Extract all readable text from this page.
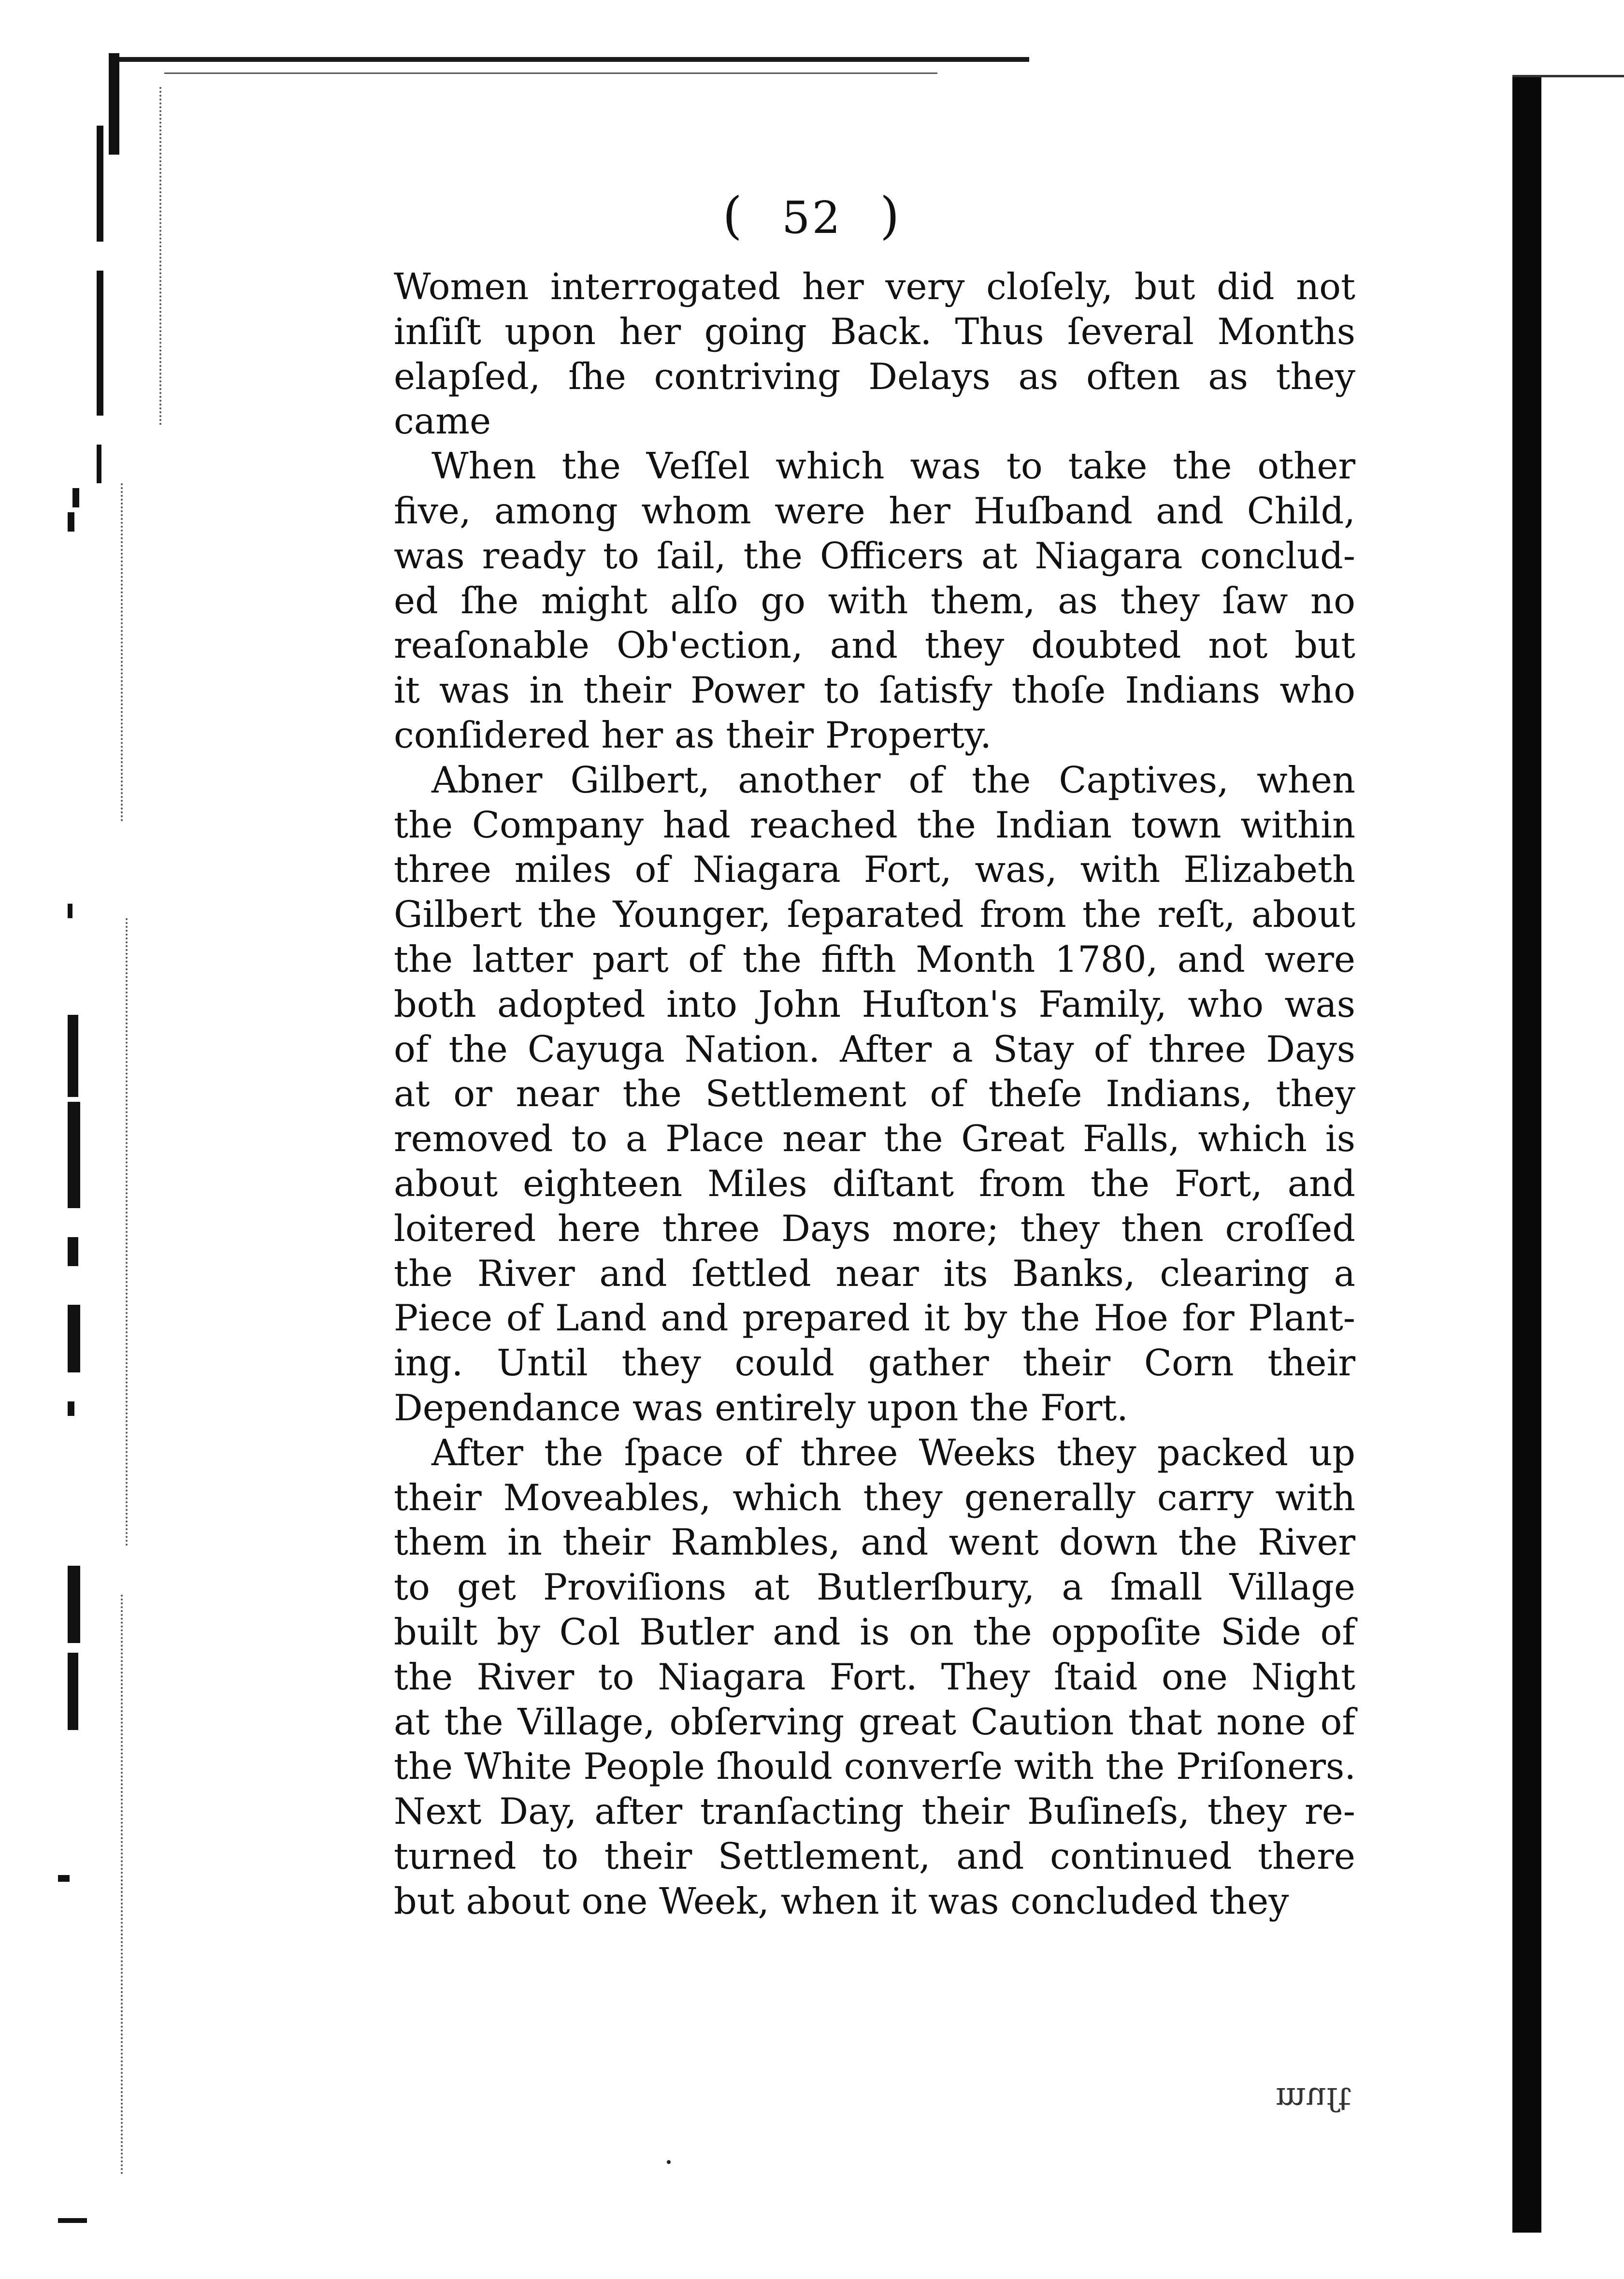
( 52 )
Women interrogated her very cloſely, but did not
inſiſt upon her going Back. Thus ſeveral Months
elapſed, ſhe contriving Delays as often as they
came
When the Veſſel which was to take the other
five, among whom were her Huſband and Child,
was ready to ſail, the Officers at Niagara conclud-
ed ſhe might alſo go with them, as they ſaw no
reaſonable Ob'ection, and they doubted not but
it was in their Power to ſatisfy thoſe Indians who
conſidered her as their Property.
Abner Gilbert, another of the Captives, when
the Company had reached the Indian town within
three miles of Niagara Fort, was, with Elizabeth
Gilbert the Younger, ſeparated from the reſt, about
the latter part of the fifth Month 1780, and were
both adopted into John Huſton's Family, who was
of the Cayuga Nation. After a Stay of three Days
at or near the Settlement of theſe Indians, they
removed to a Place near the Great Falls, which is
about eighteen Miles diſtant from the Fort, and
loitered here three Days more; they then croſſed
the River and ſettled near its Banks, clearing a
Piece of Land and prepared it by the Hoe for Plant-
ing. Until they could gather their Corn their
Dependance was entirely upon the Fort.
After the ſpace of three Weeks they packed up
their Moveables, which they generally carry with
them in their Rambles, and went down the River
to get Proviſions at Butlerſbury, a ſmall Village
built by Col Butler and is on the oppoſite Side of
the River to Niagara Fort. They ſtaid one Night
at the Village, obſerving great Caution that none of
the White People ſhould converſe with the Priſoners.
Next Day, after tranſacting their Buſineſs, they re-
turned to their Settlement, and continued there
but about one Week, when it was concluded they
muſt
